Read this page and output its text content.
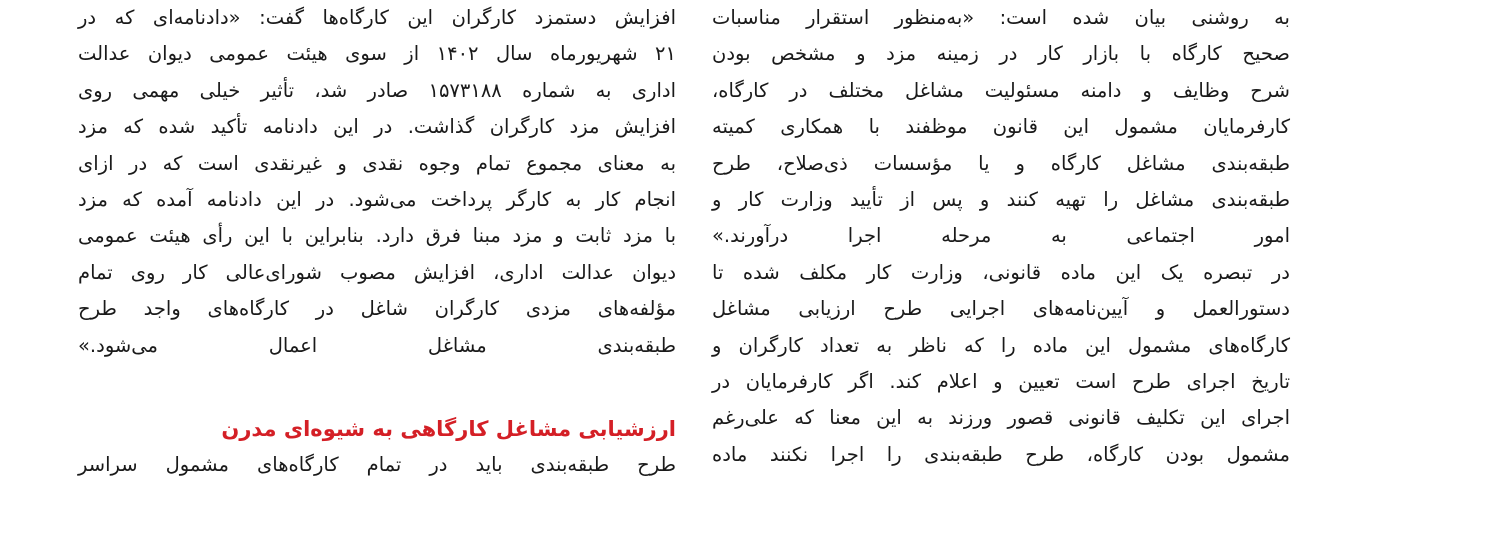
افزایش دستمزد کارگران این کارگاه‌ها گفت: «دادنامه‌ای که در
۲۱ شهریورماه سال ۱۴۰۲ از سوی هیئت عمومی دیوان عدالت
اداری به شماره ۱۵۷۳۱۸۸ صادر شد، تأثیر خیلی مهمی روی
افزایش مزد کارگران گذاشت. در این دادنامه تأکید شده که مزد
به معنای مجموع تمام وجوه نقدی و غیرنقدی است که در ازای
انجام کار به کارگر پرداخت می‌شود. در این دادنامه آمده که مزد
با مزد ثابت و مزد مبنا فرق دارد. بنابراین با این رأی هیئت عمومی
دیوان عدالت اداری، افزایش مصوب شورای‌عالی کار روی تمام
مؤلفه‌های مزدی کارگران شاغل در کارگاه‌های واجد طرح
طبقه‌بندی مشاغل اعمال می‌شود.»
ارزشیابی مشاغل کارگاهی به شیوه‌ای مدرن
طرح طبقه‌بندی باید در تمام کارگاه‌های مشمول سراسر
به روشنی بیان شده است: «به‌منظور استقرار مناسبات
صحیح کارگاه با بازار کار در زمینه مزد و مشخص بودن
شرح وظایف و دامنه مسئولیت مشاغل مختلف در کارگاه،
کارفرمایان مشمول این قانون موظفند با همکاری کمیته
طبقه‌بندی مشاغل کارگاه و یا مؤسسات ذی‌صلاح، طرح
طبقه‌بندی مشاغل را تهیه کنند و پس از تأیید وزارت کار و
امور اجتماعی به مرحله اجرا درآورند.»
در تبصره یک این ماده قانونی، وزارت کار مکلف شده تا
دستورالعمل و آیین‌نامه‌های اجرایی طرح ارزیابی مشاغل
کارگاه‌های مشمول این ماده را که ناظر به تعداد کارگران و
تاریخ اجرای طرح است تعیین و اعلام کند. اگر کارفرمایان در
اجرای این تکلیف قانونی قصور ورزند به این معنا که علی‌رغم
مشمول بودن کارگاه، طرح طبقه‌بندی را اجرا نکنند ماده
